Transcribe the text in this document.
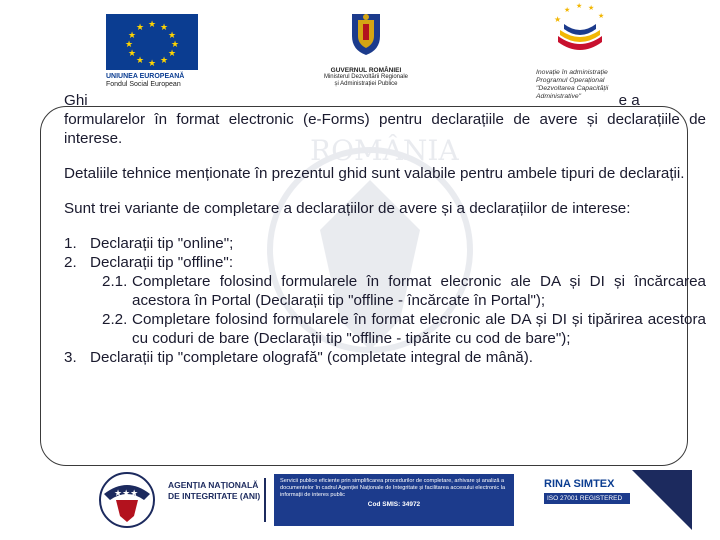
★ ★
★
★
★
★
★
★
★
★
★
★
UNIUNEA EUROPEANĂ
Fondul Social European
GUVERNUL ROMÂNIEI
Ministerul Dezvoltării Regionale
și Administrației Publice
★
★
★ ★
★
Inovație în administrație
Programul Operațional
"Dezvoltarea Capacității
Administrative"
ROMÂNIA

Ghi	e a
formularelor în format electronic (e-Forms) pentru declarațiile de avere și declarațiile de interese.

Detaliile tehnice menționate în prezentul ghid sunt valabile pentru ambele tipuri de declarații.

Sunt trei variante de completare a declarațiilor de avere și a declarațiilor de interese:

1. Declarații tip "online";
2. Declarații tip "offline":
2.1. Completare folosind formularele în format elecronic ale DA și DI și încărcarea acestora în Portal (Declarații tip "offline - încărcate în Portal");
2.2. Completare folosind formularele în format elecronic ale DA și DI și tipărirea acestora cu coduri de bare (Declarații tip "offline - tipărite cu cod de bare");
3. Declarații tip "completare olografă" (completate integral de mână).
★★★
AGENȚIA NAȚIONALĂ
DE INTEGRITATE (ANI)
Servicii publice eficiente prin simplificarea procedurilor de completare, arhivare și analiză a documentelor în cadrul Agenției Naționale de Integritate și facilitarea accesului electronic la informații de interes public
Cod SMIS: 34972
RINA SIMTEX
ISO 27001 REGISTERED
